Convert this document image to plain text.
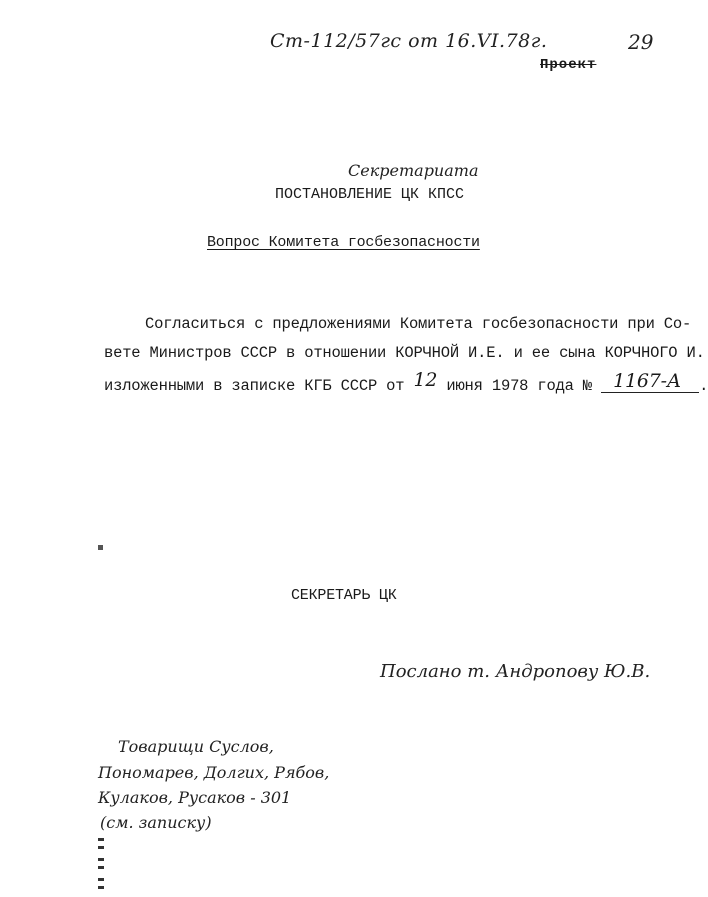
Ст-112/57гс от 16.VI.78г.	29
Проект
Секретариата
ПОСТАНОВЛЕНИЕ ЦК КПСС
Вопрос Комитета госбезопасности
Согласиться с предложениями Комитета госбезопасности при Со-
вете Министров СССР в отношении КОРЧНОЙ И.Е. и ее сына КОРЧНОГО И.
изложенными в записке КГБ СССР от 12 июня 1978 года № 1167-А .
СЕКРЕТАРЬ ЦК
Послано т. Андропову Ю.В.
Товарищи Суслов,
Пономарев, Долгих, Рябов,
Кулаков, Русаков - 301
(см. записку)
